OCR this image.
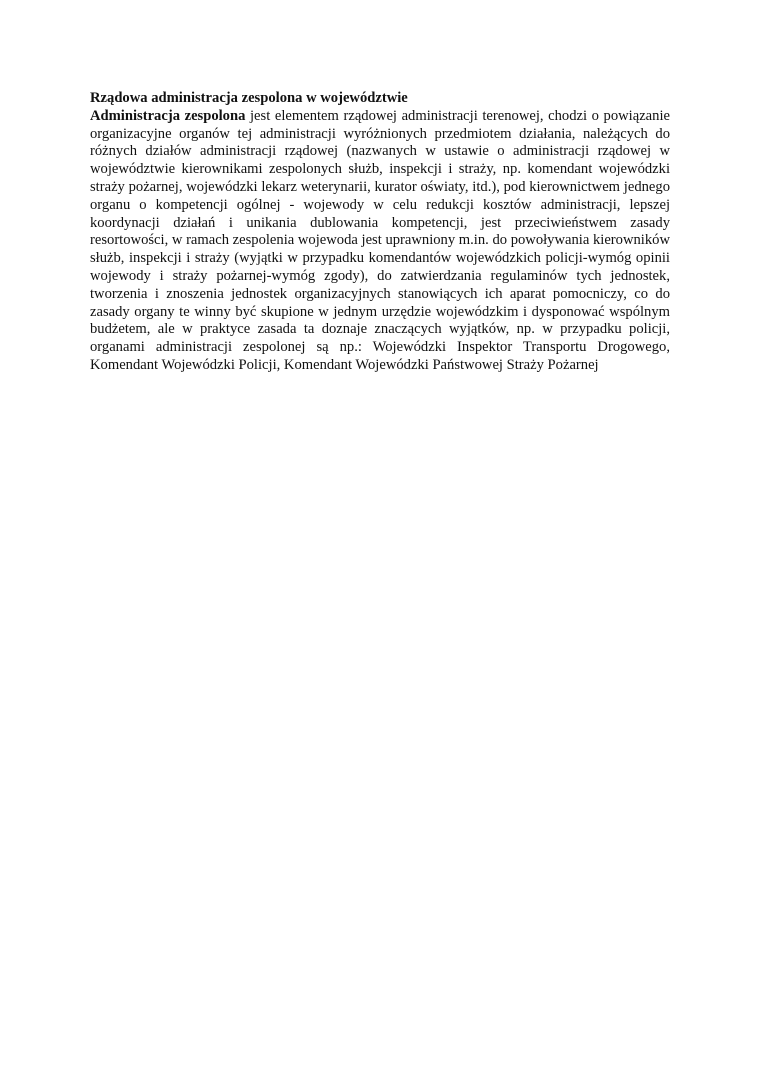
Rządowa administracja zespolona w województwie

Administracja zespolona jest elementem rządowej administracji terenowej, chodzi o powiązanie organizacyjne organów tej administracji wyróżnionych przedmiotem działania, należących do różnych działów administracji rządowej (nazwanych w ustawie o administracji rządowej w województwie kierownikami zespolonych służb, inspekcji i straży, np. komendant wojewódzki straży pożarnej, wojewódzki lekarz weterynarii, kurator oświaty, itd.), pod kierownictwem jednego organu o kompetencji ogólnej - wojewody w celu redukcji kosztów administracji, lepszej koordynacji działań i unikania dublowania kompetencji, jest przeciwieństwem zasady resortowości, w ramach zespolenia wojewoda jest uprawniony m.in. do powoływania kierowników służb, inspekcji i straży (wyjątki w przypadku komendantów wojewódzkich policji-wymóg opinii wojewody i straży pożarnej-wymóg zgody), do zatwierdzania regulaminów tych jednostek, tworzenia i znoszenia jednostek organizacyjnych stanowiących ich aparat pomocniczy, co do zasady organy te winny być skupione w jednym urzędzie wojewódzkim i dysponować wspólnym budżetem, ale w praktyce zasada ta doznaje znaczących wyjątków, np. w przypadku policji, organami administracji zespolonej są np.: Wojewódzki Inspektor Transportu Drogowego, Komendant Wojewódzki Policji, Komendant Wojewódzki Państwowej Straży Pożarnej
